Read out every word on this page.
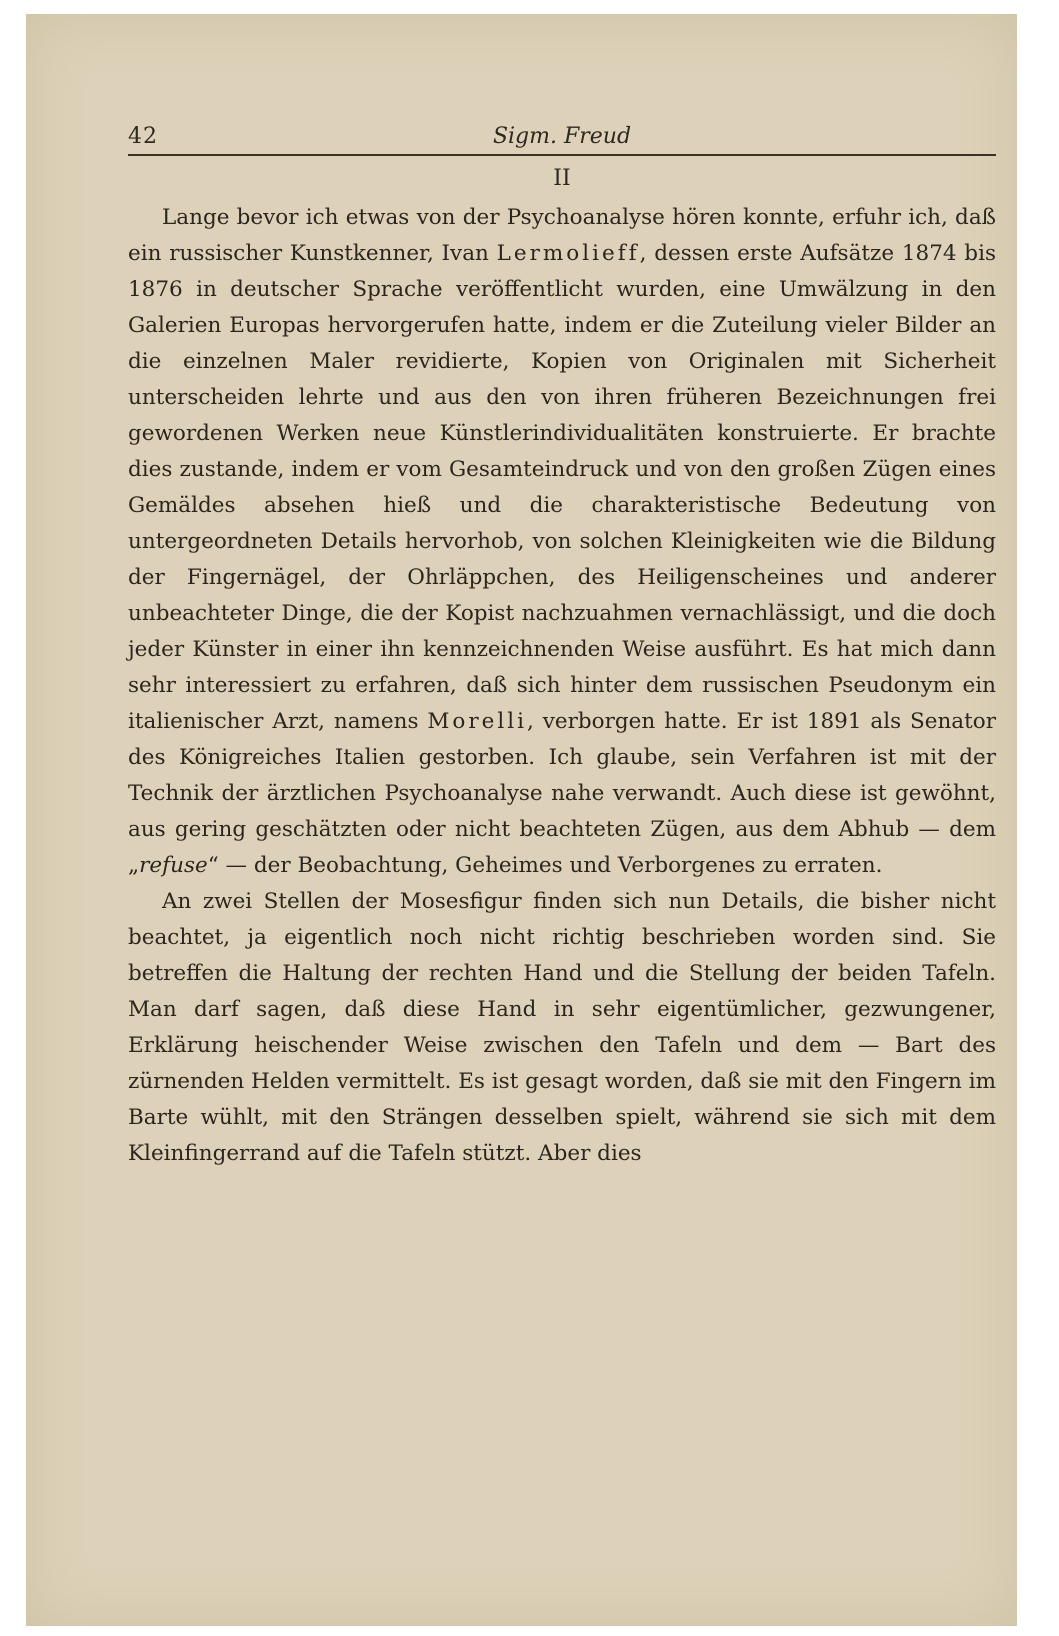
42	Sigm. Freud
II

Lange bevor ich etwas von der Psychoanalyse hören konnte, erfuhr ich, daß ein russischer Kunstkenner, Ivan Lermolieff, dessen erste Aufsätze 1874 bis 1876 in deutscher Sprache veröffentlicht wurden, eine Umwälzung in den Galerien Europas hervorgerufen hatte, indem er die Zuteilung vieler Bilder an die einzelnen Maler revidierte, Kopien von Originalen mit Sicherheit unterscheiden lehrte und aus den von ihren früheren Bezeichnungen frei gewordenen Werken neue Künstlerindividualitäten konstruierte. Er brachte dies zustande, indem er vom Gesamteindruck und von den großen Zügen eines Gemäldes absehen hieß und die charakteristische Bedeutung von untergeordneten Details hervorhob, von solchen Kleinigkeiten wie die Bildung der Fingernägel, der Ohrläppchen, des Heiligenscheines und anderer unbeachteter Dinge, die der Kopist nachzuahmen vernachlässigt, und die doch jeder Künster in einer ihn kennzeichnenden Weise ausführt. Es hat mich dann sehr interessiert zu erfahren, daß sich hinter dem russischen Pseudonym ein italienischer Arzt, namens Morelli, verborgen hatte. Er ist 1891 als Senator des Königreiches Italien gestorben. Ich glaube, sein Verfahren ist mit der Technik der ärztlichen Psychoanalyse nahe verwandt. Auch diese ist gewöhnt, aus gering geschätzten oder nicht beachteten Zügen, aus dem Abhub — dem „refuse“ — der Beobachtung, Geheimes und Verborgenes zu erraten.

An zwei Stellen der Mosesfigur finden sich nun Details, die bisher nicht beachtet, ja eigentlich noch nicht richtig beschrieben worden sind. Sie betreffen die Haltung der rechten Hand und die Stellung der beiden Tafeln. Man darf sagen, daß diese Hand in sehr eigentümlicher, gezwungener, Erklärung heischender Weise zwischen den Tafeln und dem — Bart des zürnenden Helden vermittelt. Es ist gesagt worden, daß sie mit den Fingern im Barte wühlt, mit den Strängen desselben spielt, während sie sich mit dem Kleinfingerrand auf die Tafeln stützt. Aber dies
